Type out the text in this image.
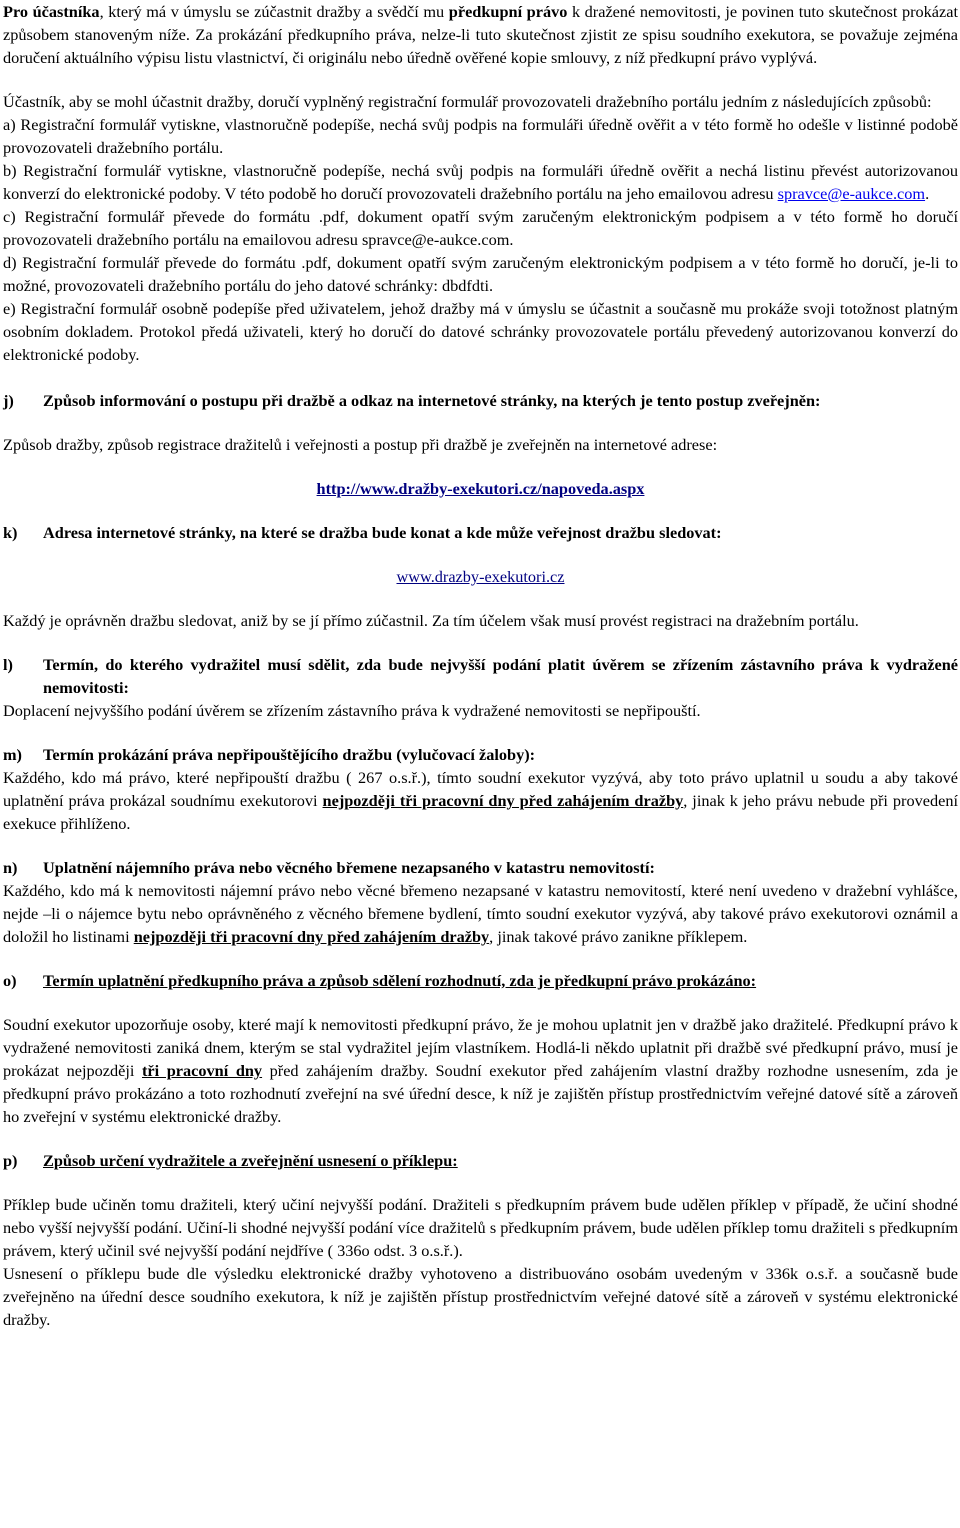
Pro účastníka, který má v úmyslu se zúčastnit dražby a svědčí mu předkupní právo k dražené nemovitosti, je povinen tuto skutečnost prokázat způsobem stanoveným níže. Za prokázání předkupního práva, nelze-li tuto skutečnost zjistit ze spisu soudního exekutora, se považuje zejména doručení aktuálního výpisu listu vlastnictví, či originálu nebo úředně ověřené kopie smlouvy, z níž předkupní právo vyplývá.

Účastník, aby se mohl účastnit dražby, doručí vyplněný registrační formulář provozovateli dražebního portálu jedním z následujících způsobů:

a) Registrační formulář vytiskne, vlastnoručně podepíše, nechá svůj podpis na formuláři úředně ověřit a v této formě ho odešle v listinné podobě provozovateli dražebního portálu.

b) Registrační formulář vytiskne, vlastnoručně podepíše, nechá svůj podpis na formuláři úředně ověřit a nechá listinu převést autorizovanou konverzí do elektronické podoby. V této podobě ho doručí provozovateli dražebního portálu na jeho emailovou adresu spravce@e-aukce.com.

c) Registrační formulář převede do formátu .pdf, dokument opatří svým zaručeným elektronickým podpisem a v této formě ho doručí provozovateli dražebního portálu na emailovou adresu spravce@e-aukce.com.

d) Registrační formulář převede do formátu .pdf, dokument opatří svým zaručeným elektronickým podpisem a v této formě ho doručí, je-li to možné, provozovateli dražebního portálu do jeho datové schránky: dbdfdti.

e) Registrační formulář osobně podepíše před uživatelem, jehož dražby má v úmyslu se účastnit a současně mu prokáže svoji totožnost platným osobním dokladem. Protokol předá uživateli, který ho doručí do datové schránky provozovatele portálu převedený autorizovanou konverzí do elektronické podoby.

j)	Způsob informování o postupu při dražbě a odkaz na internetové stránky, na kterých je tento postup zveřejněn:

Způsob dražby, způsob registrace dražitelů i veřejnosti a postup při dražbě je zveřejněn na internetové adrese:

http://www.dražby-exekutori.cz/napoveda.aspx

k)	Adresa internetové stránky, na které se dražba bude konat a kde může veřejnost dražbu sledovat:

www.drazby-exekutori.cz

Každý je oprávněn dražbu sledovat, aniž by se jí přímo zúčastnil. Za tím účelem však musí provést registraci na dražebním portálu.

l)	Termín, do kterého vydražitel musí sdělit, zda bude nejvyšší podání platit úvěrem se zřízením zástavního práva k vydražené nemovitosti:

Doplacení nejvyššího podání úvěrem se zřízením zástavního práva k vydražené nemovitosti se nepřipouští.

m)	Termín prokázání práva nepřipouštějícího dražbu (vylučovací žaloby):

Každého, kdo má právo, které nepřipouští dražbu ( 267 o.s.ř.), tímto soudní exekutor vyzývá, aby toto právo uplatnil u soudu a aby takové uplatnění práva prokázal soudnímu exekutorovi nejpozději tři pracovní dny před zahájením dražby, jinak k jeho právu nebude při provedení exekuce přihlíženo.

n)	Uplatnění nájemního práva nebo věcného břemene nezapsaného v katastru nemovitostí:

Každého, kdo má k nemovitosti nájemní právo nebo věcné břemeno nezapsané v katastru nemovitostí, které není uvedeno v dražební vyhlášce, nejde –li o nájemce bytu nebo oprávněného z věcného břemene bydlení, tímto soudní exekutor vyzývá, aby takové právo exekutorovi oznámil a doložil ho listinami nejpozději tři pracovní dny před zahájením dražby, jinak takové právo zanikne příklepem.

o)	Termín uplatnění předkupního práva a způsob sdělení rozhodnutí, zda je předkupní právo prokázáno:

Soudní exekutor upozorňuje osoby, které mají k nemovitosti předkupní právo, že je mohou uplatnit jen v dražbě jako dražitelé. Předkupní právo k vydražené nemovitosti zaniká dnem, kterým se stal vydražitel jejím vlastníkem. Hodlá-li někdo uplatnit při dražbě své předkupní právo, musí je prokázat nejpozději tři pracovní dny před zahájením dražby. Soudní exekutor před zahájením vlastní dražby rozhodne usnesením, zda je předkupní právo prokázáno a toto rozhodnutí zveřejní na své úřední desce, k níž je zajištěn přístup prostřednictvím veřejné datové sítě a zároveň ho zveřejní v systému elektronické dražby.

p)	Způsob určení vydražitele a zveřejnění usnesení o příklepu:

Příklep bude učiněn tomu dražiteli, který učiní nejvyšší podání. Dražiteli s předkupním právem bude udělen příklep v případě, že učiní shodné nebo vyšší nejvyšší podání. Učiní-li shodné nejvyšší podání více dražitelů s předkupním právem, bude udělen příklep tomu dražiteli s předkupním právem, který učinil své nejvyšší podání nejdříve ( 336o odst. 3 o.s.ř.).

Usnesení o příklepu bude dle výsledku elektronické dražby vyhotoveno a distribuováno osobám uvedeným v 336k o.s.ř. a současně bude zveřejněno na úřední desce soudního exekutora, k níž je zajištěn přístup prostřednictvím veřejné datové sítě a zároveň v systému elektronické dražby.
